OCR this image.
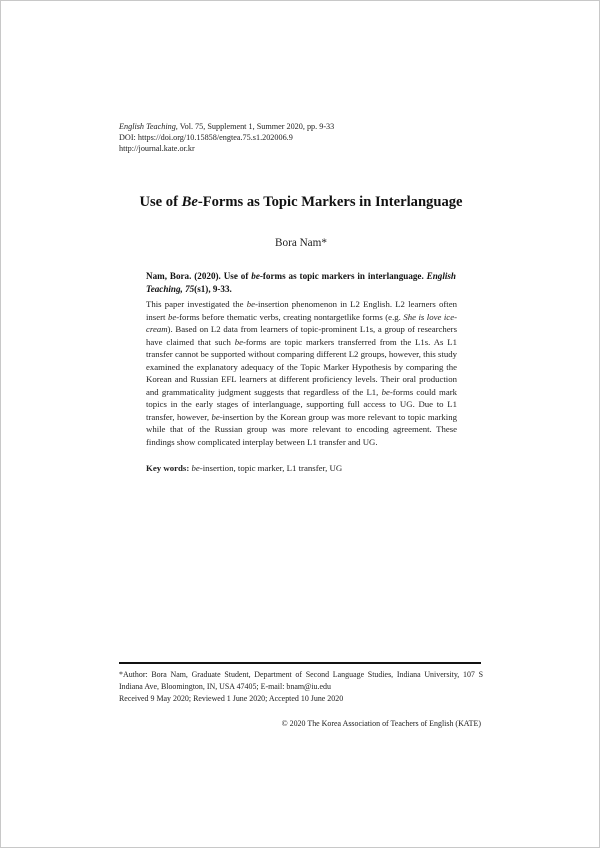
English Teaching, Vol. 75, Supplement 1, Summer 2020, pp. 9-33
DOI: https://doi.org/10.15858/engtea.75.s1.202006.9
http://journal.kate.or.kr
Use of Be-Forms as Topic Markers in Interlanguage
Bora Nam*
Nam, Bora. (2020). Use of be-forms as topic markers in interlanguage. English Teaching, 75(s1), 9-33.
This paper investigated the be-insertion phenomenon in L2 English. L2 learners often insert be-forms before thematic verbs, creating nontargetlike forms (e.g. She is love ice-cream). Based on L2 data from learners of topic-prominent L1s, a group of researchers have claimed that such be-forms are topic markers transferred from the L1s. As L1 transfer cannot be supported without comparing different L2 groups, however, this study examined the explanatory adequacy of the Topic Marker Hypothesis by comparing the Korean and Russian EFL learners at different proficiency levels. Their oral production and grammaticality judgment suggests that regardless of the L1, be-forms could mark topics in the early stages of interlanguage, supporting full access to UG. Due to L1 transfer, however, be-insertion by the Korean group was more relevant to topic marking while that of the Russian group was more relevant to encoding agreement. These findings show complicated interplay between L1 transfer and UG.
Key words: be-insertion, topic marker, L1 transfer, UG
*Author: Bora Nam, Graduate Student, Department of Second Language Studies, Indiana University, 107 S Indiana Ave, Bloomington, IN, USA 47405; E-mail: bnam@iu.edu
Received 9 May 2020; Reviewed 1 June 2020; Accepted 10 June 2020
© 2020 The Korea Association of Teachers of English (KATE)
